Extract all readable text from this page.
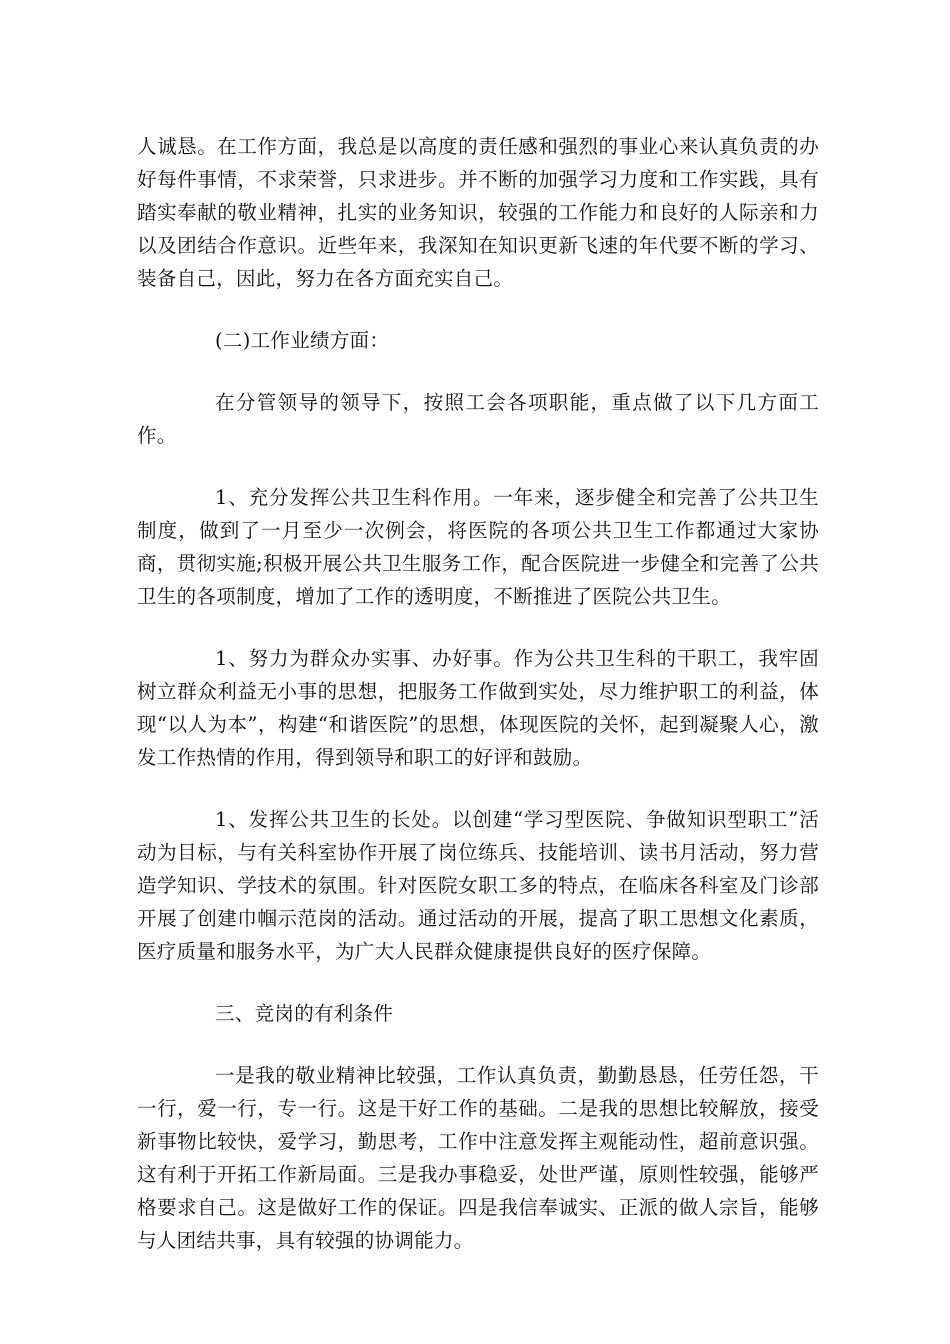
人诚恳。在工作方面，我总是以高度的责任感和强烈的事业心来认真负责的办好每件事情，不求荣誉，只求进步。并不断的加强学习力度和工作实践，具有踏实奉献的敬业精神，扎实的业务知识，较强的工作能力和良好的人际亲和力以及团结合作意识。近些年来，我深知在知识更新飞速的年代要不断的学习、装备自己，因此，努力在各方面充实自己。

(二)工作业绩方面：

在分管领导的领导下，按照工会各项职能，重点做了以下几方面工作。

1、充分发挥公共卫生科作用。一年来，逐步健全和完善了公共卫生制度，做到了一月至少一次例会，将医院的各项公共卫生工作都通过大家协商，贯彻实施;积极开展公共卫生服务工作，配合医院进一步健全和完善了公共卫生的各项制度，增加了工作的透明度，不断推进了医院公共卫生。

1、努力为群众办实事、办好事。作为公共卫生科的干职工，我牢固树立群众利益无小事的思想，把服务工作做到实处，尽力维护职工的利益，体现“以人为本”，构建“和谐医院”的思想，体现医院的关怀，起到凝聚人心，激发工作热情的作用，得到领导和职工的好评和鼓励。

1、发挥公共卫生的长处。以创建“学习型医院、争做知识型职工”活动为目标，与有关科室协作开展了岗位练兵、技能培训、读书月活动，努力营造学知识、学技术的氛围。针对医院女职工多的特点，在临床各科室及门诊部开展了创建巾帼示范岗的活动。通过活动的开展，提高了职工思想文化素质，医疗质量和服务水平，为广大人民群众健康提供良好的医疗保障。

三、竞岗的有利条件

一是我的敬业精神比较强，工作认真负责，勤勤恳恳，任劳任怨，干一行，爱一行，专一行。这是干好工作的基础。二是我的思想比较解放，接受新事物比较快，爱学习，勤思考，工作中注意发挥主观能动性，超前意识强。这有利于开拓工作新局面。三是我办事稳妥，处世严谨，原则性较强，能够严格要求自己。这是做好工作的保证。四是我信奉诚实、正派的做人宗旨，能够与人团结共事，具有较强的协调能力。
